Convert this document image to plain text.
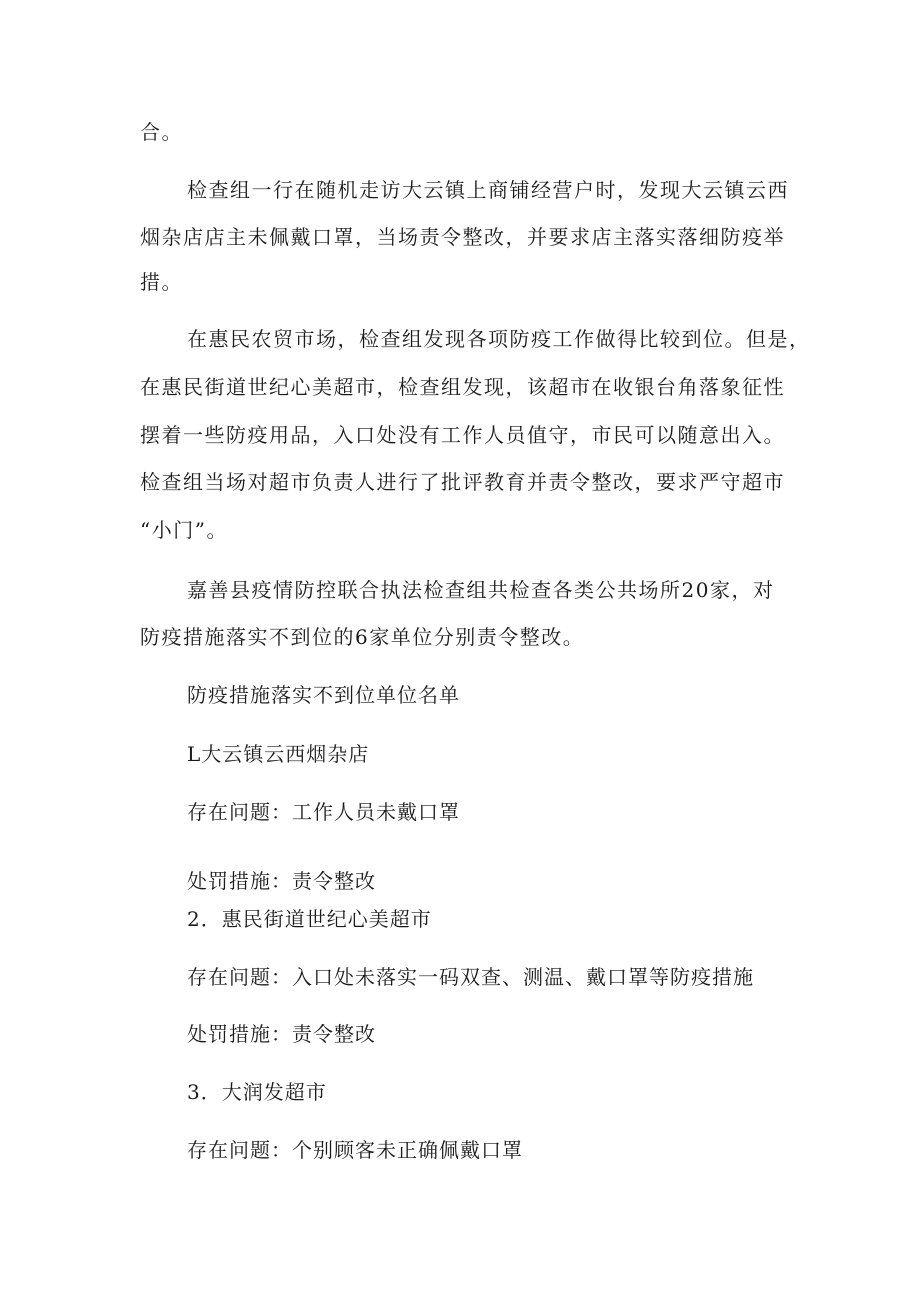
合。
检查组一行在随机走访大云镇上商铺经营户时，发现大云镇云西
烟杂店店主未佩戴口罩，当场责令整改，并要求店主落实落细防疫举
措。
在惠民农贸市场，检查组发现各项防疫工作做得比较到位。但是，
在惠民街道世纪心美超市，检查组发现，该超市在收银台角落象征性
摆着一些防疫用品，入口处没有工作人员值守，市民可以随意出入。
检查组当场对超市负责人进行了批评教育并责令整改，要求严守超市
“小门”。
嘉善县疫情防控联合执法检查组共检查各类公共场所20家，对
防疫措施落实不到位的6家单位分别责令整改。
防疫措施落实不到位单位名单
L大云镇云西烟杂店
存在问题：工作人员未戴口罩
处罚措施：责令整改
2．惠民街道世纪心美超市
存在问题：入口处未落实一码双查、测温、戴口罩等防疫措施
处罚措施：责令整改
3．大润发超市
存在问题：个别顾客未正确佩戴口罩
